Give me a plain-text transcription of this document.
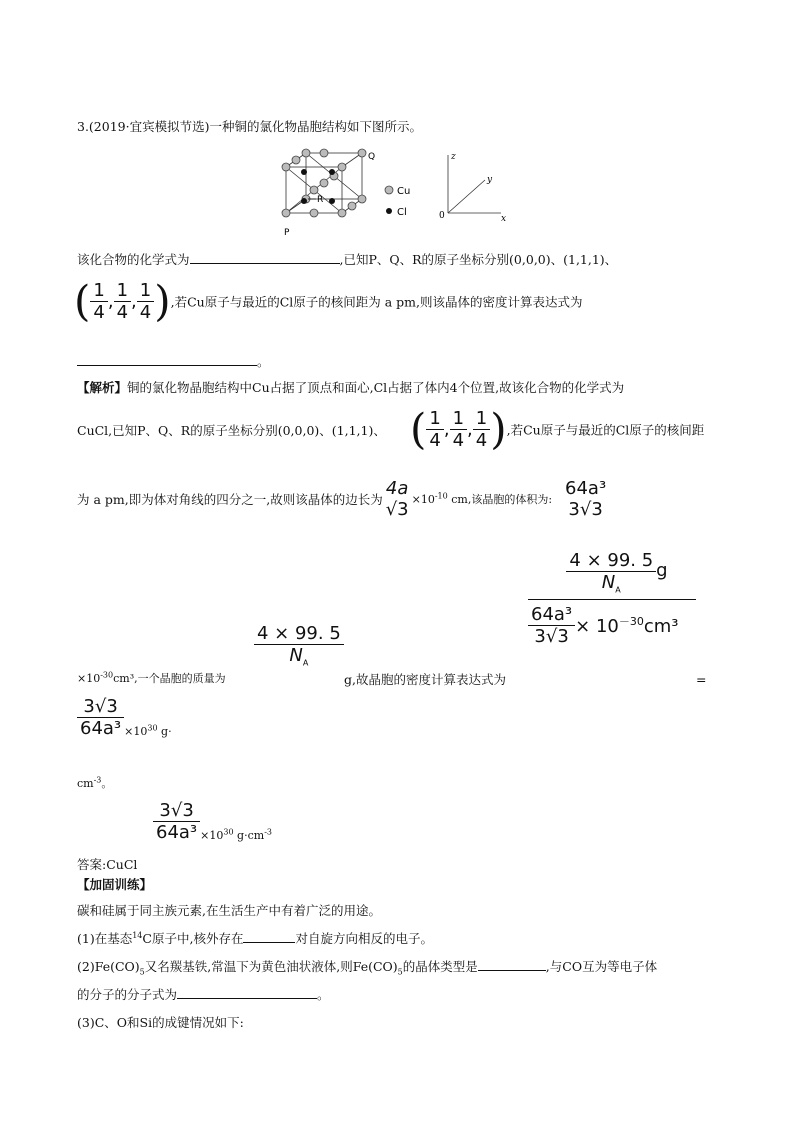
3.(2019·宜宾模拟节选)一种铜的氯化物晶胞结构如下图所示。
R
Q
P
Cu
Cl
z
y
x
0
该化合物的化学式为	,已知P、Q、R的原子坐标分别(0,0,0)、(1,1,1)、
( $\frac{1}{4}$ , $\frac{1}{4}$ , $\frac{1}{4}$ ),若Cu原子与最近的Cl原子的核间距为 a pm,则该晶体的密度计算表达式为
。
【解析】铜的氯化物晶胞结构中Cu占据了顶点和面心,Cl占据了体内4个位置,故该化合物的化学式为
CuCl,已知P、Q、R的原子坐标分别(0,0,0)、(1,1,1)、 ( $\frac{1}{4}$ , $\frac{1}{4}$ , $\frac{1}{4}$ ),若Cu原子与最近的Cl原子的核间距
为 a pm,即为体对角线的四分之一,故则该晶体的边长为
4a
$√3 \times 10^{-10}$ cm,该晶胞的体积为:
64a³
3√3
$\times 10^{-30}cm^3$,一个晶胞的质量为
$\frac{4 \times 99. 5}{N_A}$
g,故晶胞的密度计算表达式为
$\frac{4 \times 99. 5}{N_A}$ g
$\frac{\text{64a³}}{3√3} \times 10^{-30}cm^3$
=
$\frac{3√3}{\text{64a³}} \times 10^{30}$ g·
$cm^{-3}$。
答案:CuCl
$\frac{3√3}{\text{64a³}} \times 10^{30}$ $g\cdot cm^{-3}$
【加固训练】
碳和硅属于同主族元素,在生活生产中有着广泛的用途。
(1)在基态$^{14}$C原子中,核外存在	对自旋方向相反的电子。
$(2)Fe(CO)_5$又名羰基铁,常温下为黄色油状液体,则$Fe(CO)_5$的晶体类型是	,与CO互为等电子体
的分子的分子式为	。
(3)C、O和Si的成键情况如下:
